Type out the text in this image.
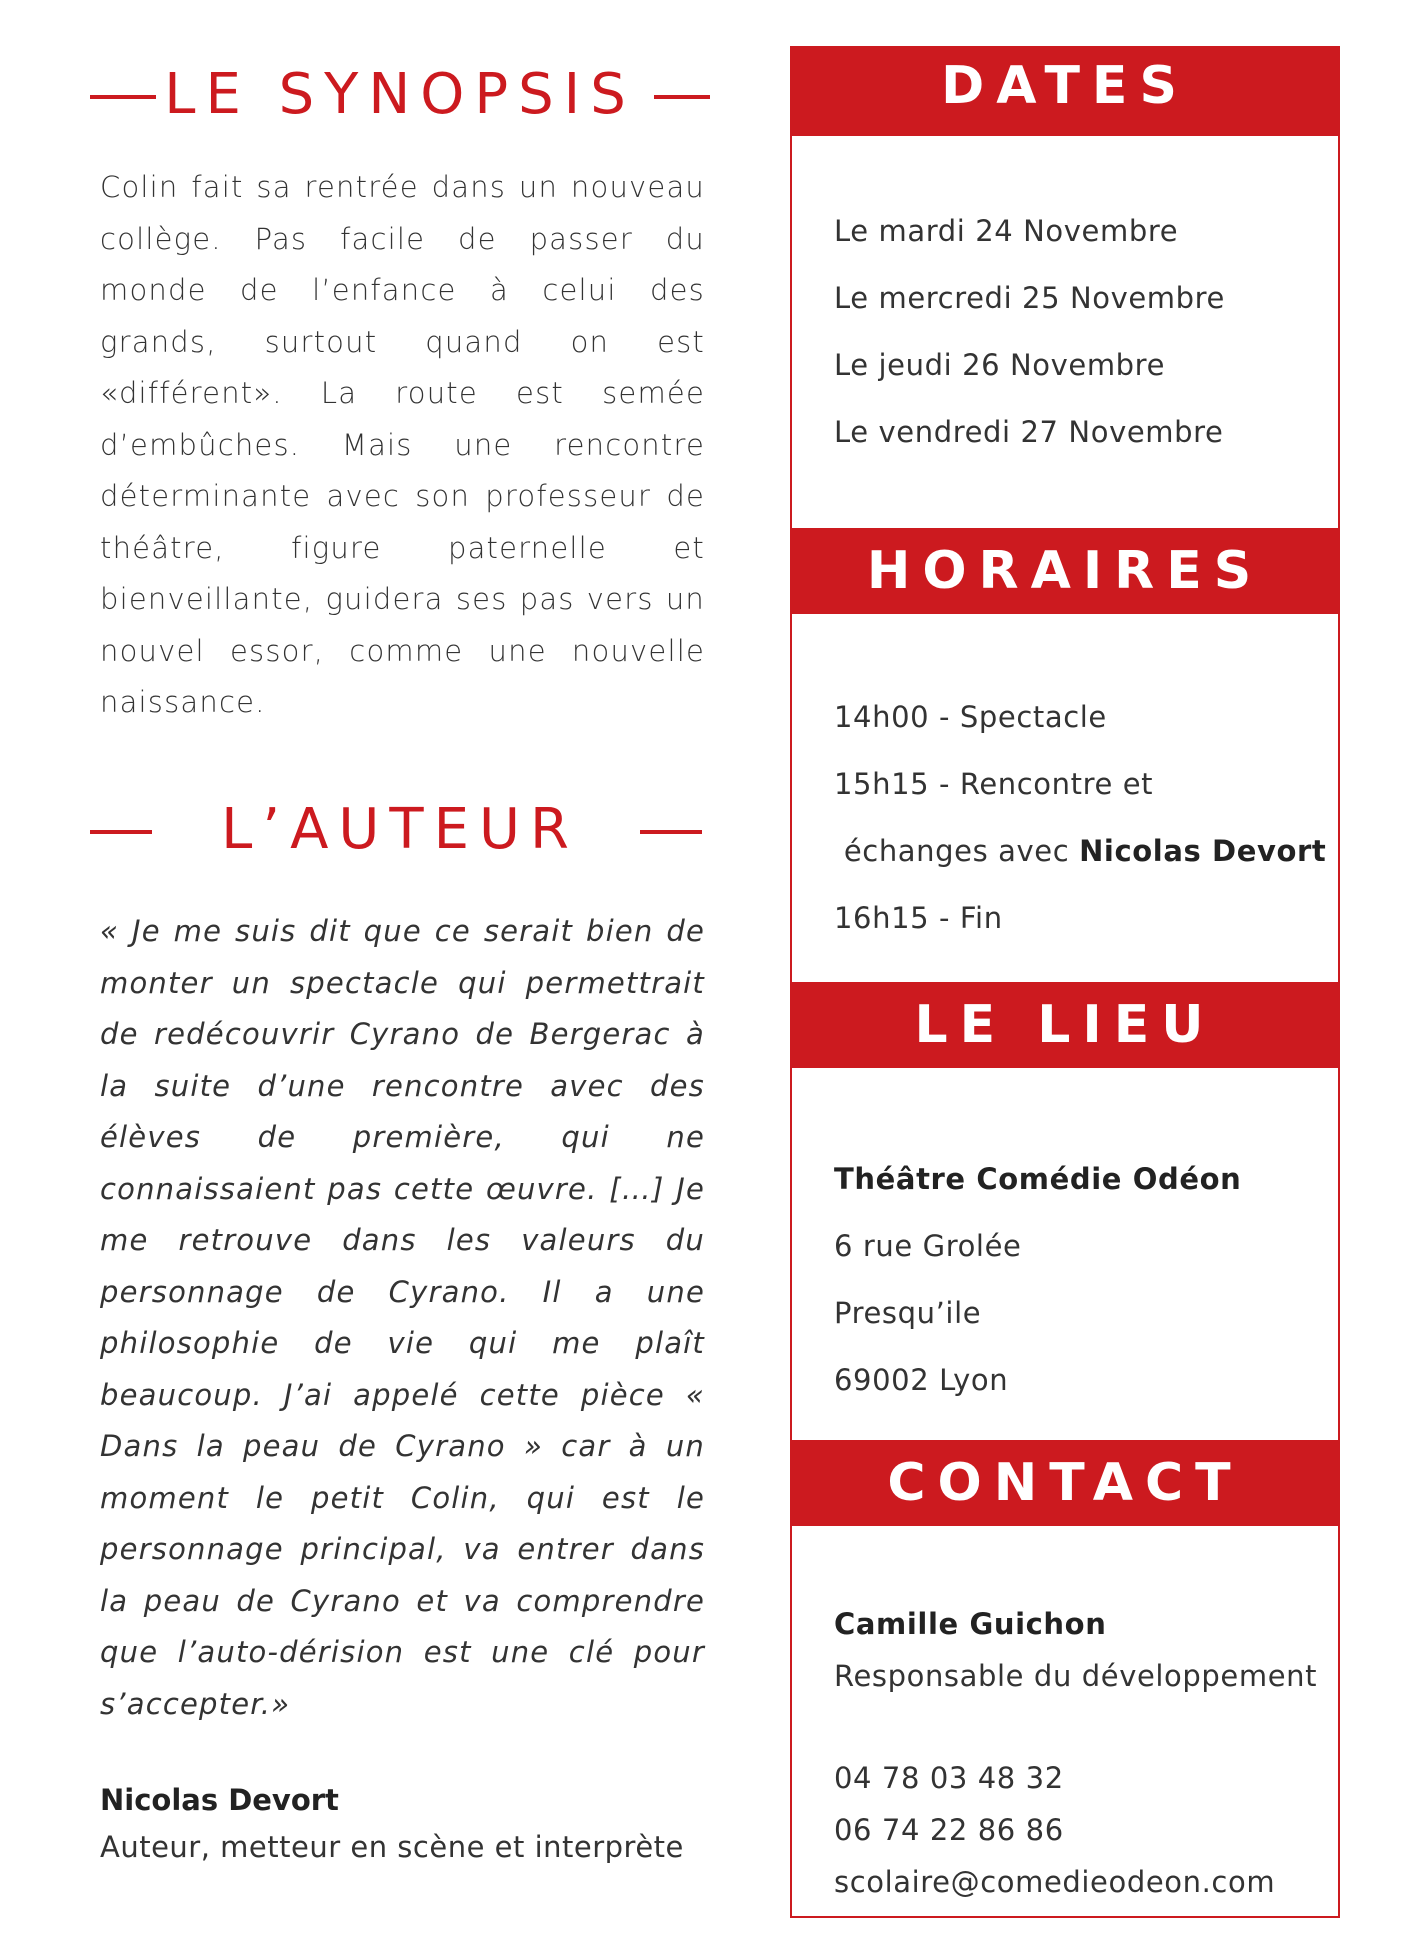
LE SYNOPSIS

Colin fait sa rentrée dans un nouveau collège. Pas facile de passer du monde de l’enfance à celui des grands, surtout quand on est «différent». La route est semée d’embûches. Mais une rencontre déterminante avec son professeur de théâtre, figure paternelle et bienveillante, guidera ses pas vers un nouvel essor, comme une nouvelle naissance.

L’AUTEUR

« Je me suis dit que ce serait bien de monter un spectacle qui permettrait de redécouvrir Cyrano de Bergerac à la suite d’une rencontre avec des élèves de première, qui ne connaissaient pas cette œuvre. […] Je me retrouve dans les valeurs du personnage de Cyrano. Il a une philosophie de vie qui me plaît beaucoup. J’ai appelé cette pièce « Dans la peau de Cyrano » car à un moment le petit Colin, qui est le personnage principal, va entrer dans la peau de Cyrano et va comprendre que l’auto-dérision est une clé pour s’accepter.»

Nicolas Devort
Auteur, metteur en scène et interprète
DATES
Le mardi 24 Novembre
Le mercredi 25 Novembre
Le jeudi 26 Novembre
Le vendredi 27 Novembre
HORAIRES
14h00 - Spectacle
15h15 - Rencontre et
échanges avec Nicolas Devort
16h15 - Fin
LE LIEU
Théâtre Comédie Odéon
6 rue Grolée
Presqu’ile
69002 Lyon
CONTACT
Camille Guichon
Responsable du développement
04 78 03 48 32
06 74 22 86 86
scolaire@comedieodeon.com
